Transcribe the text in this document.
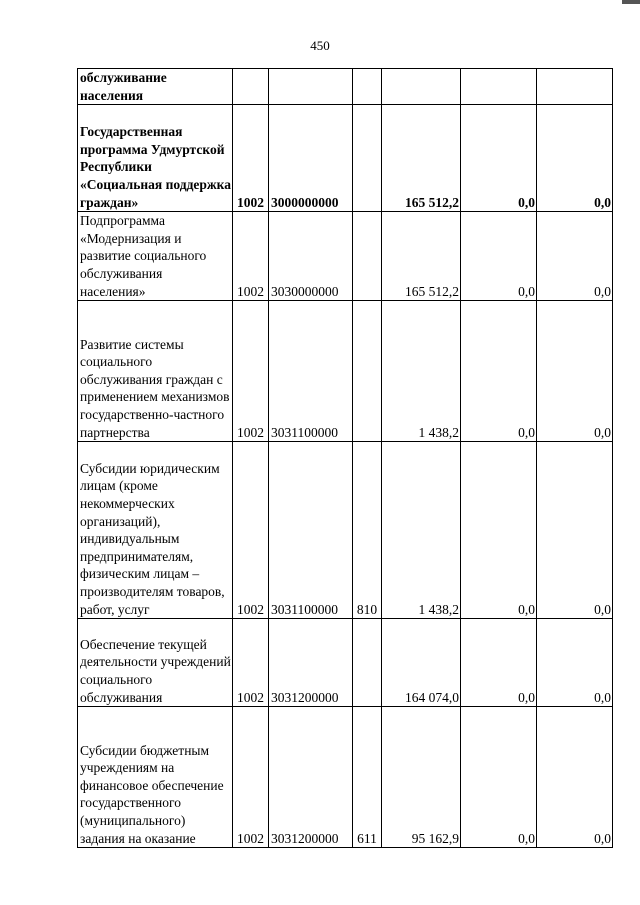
450
обслуживание населения						
Государственная программа Удмуртской Республики «Социальная поддержка граждан»	1002	3000000000		165 512,2	0,0	0,0
Подпрограмма «Модернизация и развитие социального обслуживания населения»	1002	3030000000		165 512,2	0,0	0,0
Развитие системы социального обслуживания граждан с применением механизмов государственно-частного партнерства	1002	3031100000		1 438,2	0,0	0,0
Субсидии юридическим лицам (кроме некоммерческих организаций), индивидуальным предпринимателям, физическим лицам – производителям товаров, работ, услуг	1002	3031100000	810	1 438,2	0,0	0,0
Обеспечение текущей деятельности учреждений социального обслуживания	1002	3031200000		164 074,0	0,0	0,0
Субсидии бюджетным учреждениям на финансовое обеспечение государственного (муниципального) задания на оказание	1002	3031200000	611	95 162,9	0,0	0,0
